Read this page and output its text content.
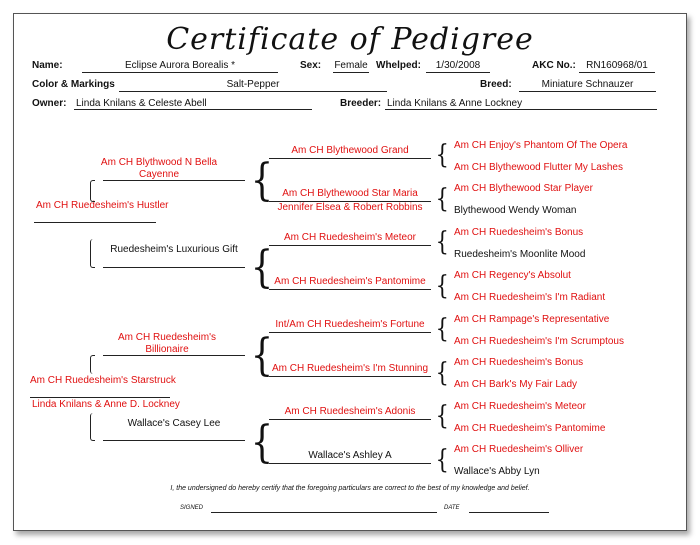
Certificate of Pedigree
Name:	Eclipse Aurora Borealis *	Sex: Female Whelped:	1/30/2008	AKC No.:	RN160968/01
Color & Markings	Salt-Pepper	Breed:	Miniature Schnauzer
Owner: Linda Knilans & Celeste Abell	Breeder: Linda Knilans & Anne Lockney
Am CH Ruedesheim's Hustler
Am CH Ruedesheim's Starstruck
Linda Knilans & Anne D. Lockney
Am CH Blythwood N Bella Cayenne
Ruedesheim's Luxurious Gift
Am CH Ruedesheim's Billionaire
Wallace's Casey Lee
{
{
{
{
Am CH Blythewood Grand
Am CH Blythewood Star Maria
Jennifer Elsea & Robert Robbins
Am CH Ruedesheim's Meteor
Am CH Ruedesheim's Pantomime
Int/Am CH Ruedesheim's Fortune
Am CH Ruedesheim's I'm Stunning
Am CH Ruedesheim's Adonis
Wallace's Ashley A
{
{
{
{
{
{
{
{
Am CH Enjoy's Phantom Of The Opera
Am CH Blythewood Flutter My Lashes
Am CH Blythewood Star Player
Blythewood Wendy Woman
Am CH Ruedesheim's Bonus
Ruedesheim's Moonlite Mood
Am CH Regency's Absolut
Am CH Ruedesheim's I'm Radiant
Am CH Rampage's Representative
Am CH Ruedesheim's I'm Scrumptous
Am CH Ruedesheim's Bonus
Am CH Bark's My Fair Lady
Am CH Ruedesheim's Meteor
Am CH Ruedesheim's Pantomime
Am CH Ruedesheim's Olliver
Wallace's Abby Lyn
I, the undersigned do hereby certify that the foregoing particulars are correct to the best of my knowledge and belief.
SIGNED	DATE
